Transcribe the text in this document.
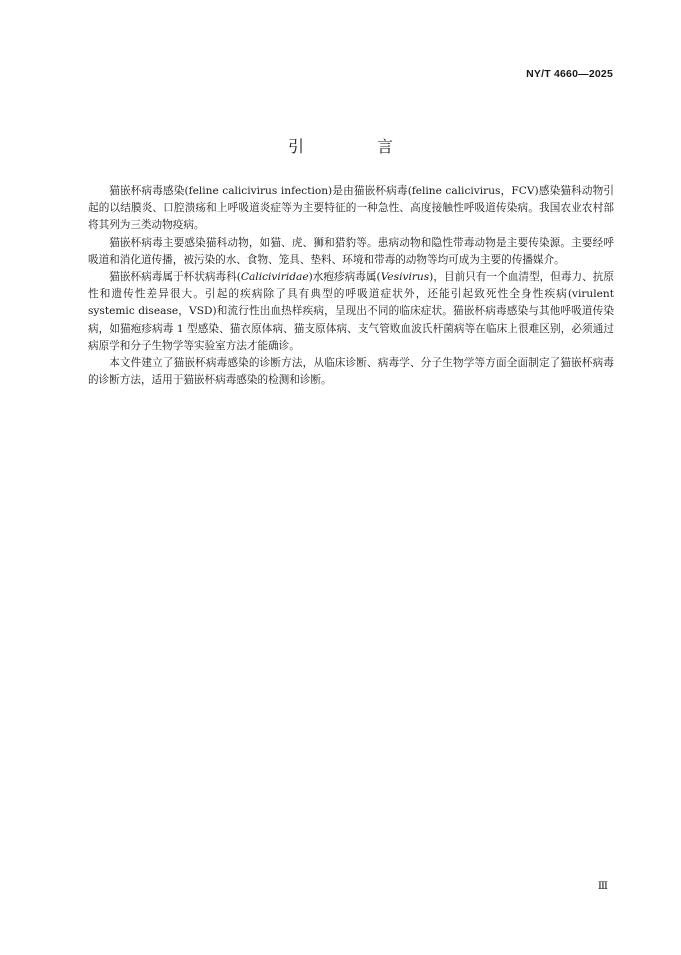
NY/T 4660—2025
引 言

猫嵌杯病毒感染(feline calicivirus infection)是由猫嵌杯病毒(feline calicivirus，FCV)感染猫科动物引起的以结膜炎、口腔溃疡和上呼吸道炎症等为主要特征的一种急性、高度接触性呼吸道传染病。我国农业农村部将其列为三类动物疫病。

猫嵌杯病毒主要感染猫科动物，如猫、虎、狮和猎豹等。患病动物和隐性带毒动物是主要传染源。主要经呼吸道和消化道传播，被污染的水、食物、笼具、垫料、环境和带毒的动物等均可成为主要的传播媒介。

猫嵌杯病毒属于杯状病毒科(Caliciviridae)水疱疹病毒属(Vesivirus)，目前只有一个血清型，但毒力、抗原性和遗传性差异很大。引起的疾病除了具有典型的呼吸道症状外，还能引起致死性全身性疾病(virulent systemic disease，VSD)和流行性出血热样疾病，呈现出不同的临床症状。猫嵌杯病毒感染与其他呼吸道传染病，如猫疱疹病毒 1 型感染、猫衣原体病、猫支原体病、支气管败血波氏杆菌病等在临床上很难区别，必须通过病原学和分子生物学等实验室方法才能确诊。

本文件建立了猫嵌杯病毒感染的诊断方法，从临床诊断、病毒学、分子生物学等方面全面制定了猫嵌杯病毒的诊断方法，适用于猫嵌杯病毒感染的检测和诊断。

Ⅲ
